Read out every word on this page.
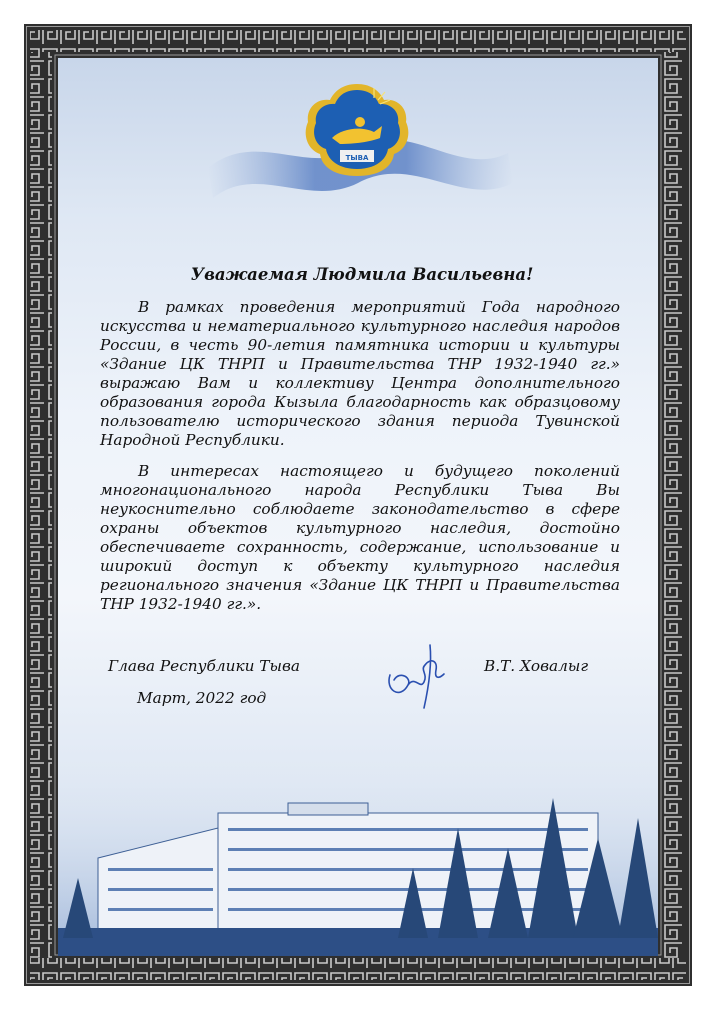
ТЫВА
Уважаемая Людмила Васильевна!

В рамках проведения мероприятий Года народного искусства и нематериального культурного наследия народов России, в честь 90-летия памятника истории и культуры «Здание ЦК ТНРП и Правительства ТНР 1932-1940 гг.» выражаю Вам и коллективу Центра дополнительного образования города Кызыла благодарность как образцовому пользователю исторического здания периода Тувинской Народной Республики.

В интересах настоящего и будущего поколений многонационального народа Республики Тыва Вы неукоснительно соблюдаете законодательство в сфере охраны объектов культурного наследия, достойно обеспечиваете сохранность, содержание, использование и широкий доступ к объекту культурного наследия регионального значения «Здание ЦК ТНРП и Правительства ТНР 1932-1940 гг.».

Глава Республики Тыва
Март, 2022 год
В.Т. Ховалыг
